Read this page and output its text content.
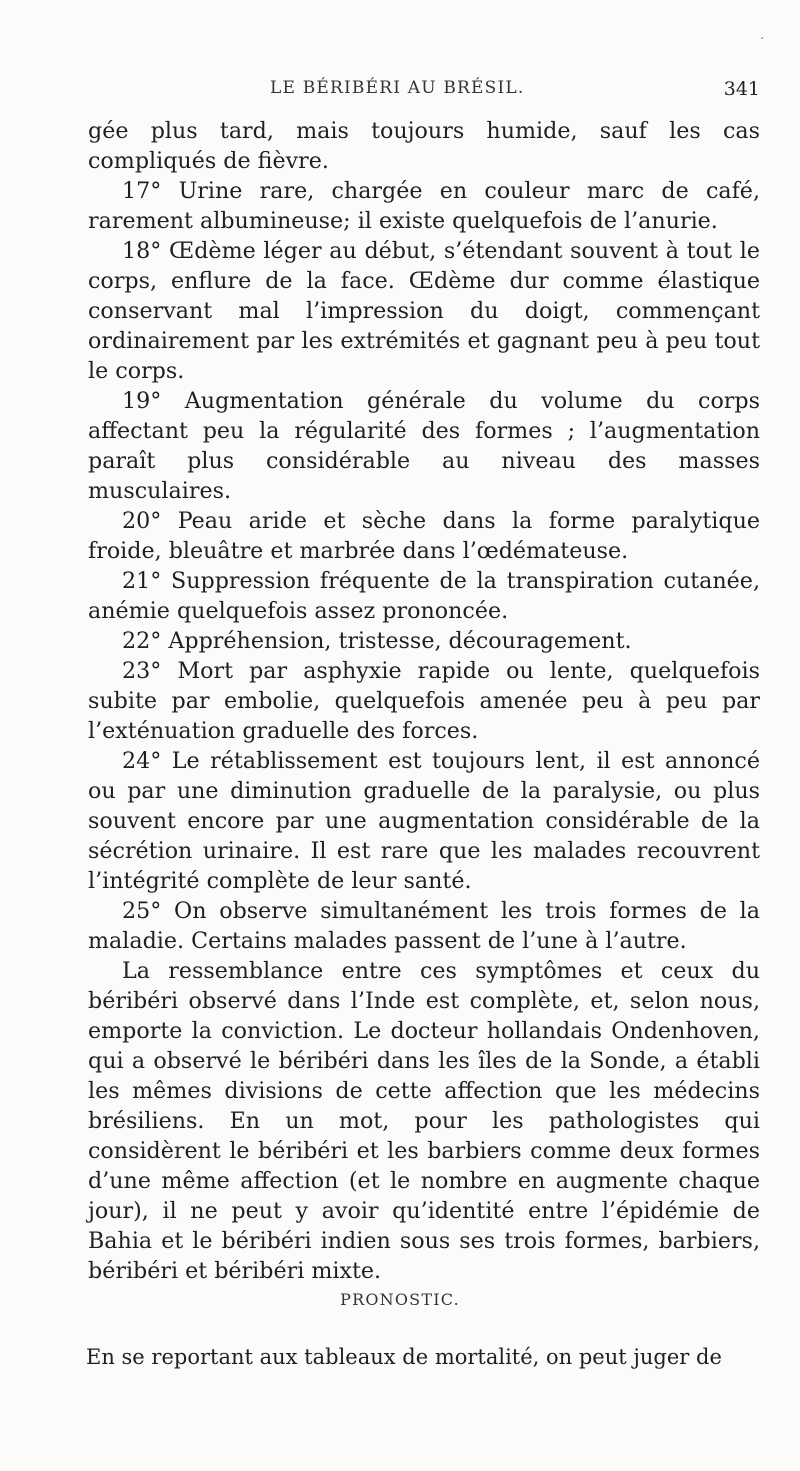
.
LE BÉRIBÉRI AU BRÉSIL.	341

gée plus tard, mais toujours humide, sauf les cas compliqués de fièvre.

17° Urine rare, chargée en couleur marc de café, rarement albumineuse; il existe quelquefois de l’anurie.

18° Œdème léger au début, s’étendant souvent à tout le corps, enflure de la face. Œdème dur comme élastique conservant mal l’impression du doigt, commençant ordinairement par les extrémités et gagnant peu à peu tout le corps.

19° Augmentation générale du volume du corps affectant peu la régularité des formes ; l’augmentation paraît plus considérable au niveau des masses musculaires.

20° Peau aride et sèche dans la forme paralytique froide, bleuâtre et marbrée dans l’œdémateuse.

21° Suppression fréquente de la transpiration cutanée, anémie quelquefois assez prononcée.

22° Appréhension, tristesse, découragement.

23° Mort par asphyxie rapide ou lente, quelquefois subite par embolie, quelquefois amenée peu à peu par l’exténuation graduelle des forces.

24° Le rétablissement est toujours lent, il est annoncé ou par une diminution graduelle de la paralysie, ou plus souvent encore par une augmentation considérable de la sécrétion urinaire. Il est rare que les malades recouvrent l’intégrité complète de leur santé.

25° On observe simultanément les trois formes de la maladie. Certains malades passent de l’une à l’autre.

La ressemblance entre ces symptômes et ceux du béribéri observé dans l’Inde est complète, et, selon nous, emporte la conviction. Le docteur hollandais Ondenhoven, qui a observé le béribéri dans les îles de la Sonde, a établi les mêmes divisions de cette affection que les médecins brésiliens. En un mot, pour les pathologistes qui considèrent le béribéri et les barbiers comme deux formes d’une même affection (et le nombre en augmente chaque jour), il ne peut y avoir qu’identité entre l’épidémie de Bahia et le béribéri indien sous ses trois formes, barbiers, béribéri et béribéri mixte.

PRONOSTIC.
En se reportant aux tableaux de mortalité, on peut juger de
